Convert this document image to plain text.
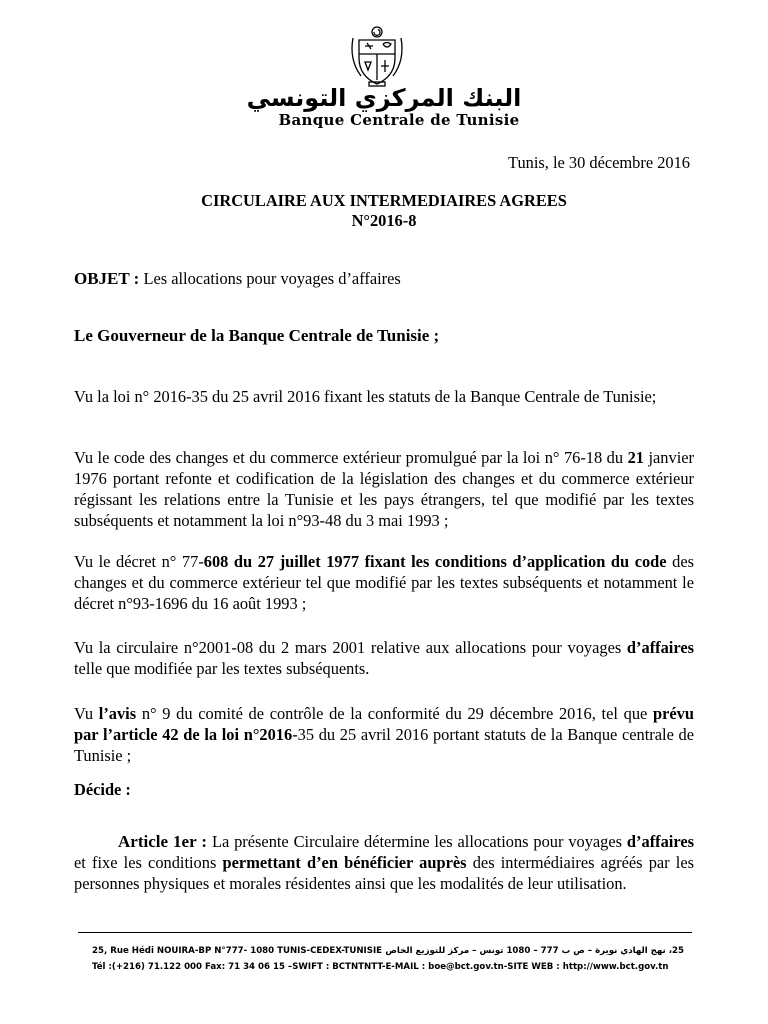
البنك المركزي التونسي
Banque Centrale de Tunisie
Tunis, le 30 décembre 2016
CIRCULAIRE AUX INTERMEDIAIRES AGREES
N°2016-8
OBJET : Les allocations pour voyages d’affaires
Le Gouverneur de la Banque Centrale de Tunisie ;
Vu la loi n° 2016-35 du 25 avril 2016 fixant les statuts de la Banque Centrale de Tunisie;
Vu le code des changes et du commerce extérieur promulgué par la loi n° 76-18 du 21 janvier 1976 portant refonte et codification de la législation des changes et du commerce extérieur régissant les relations entre la Tunisie et les pays étrangers, tel que modifié par les textes subséquents et notamment la loi n°93-48 du 3 mai 1993 ;
Vu le décret n° 77-608 du 27 juillet 1977 fixant les conditions d’application du code des changes et du commerce extérieur tel que modifié par les textes subséquents et notamment le décret n°93-1696 du 16 août 1993 ;
Vu la circulaire n°2001-08 du 2 mars 2001 relative aux allocations pour voyages d’affaires telle que modifiée par les textes subséquents.
Vu l’avis n° 9 du comité de contrôle de la conformité du 29 décembre 2016, tel que prévu par l’article 42 de la loi n°2016-35 du 25 avril 2016 portant statuts de la Banque centrale de Tunisie ;
Décide :
Article 1er : La présente Circulaire détermine les allocations pour voyages d’affaires et fixe les conditions permettant d’en bénéficier auprès des intermédiaires agréés par les personnes physiques et morales résidentes ainsi que les modalités de leur utilisation.
25, Rue Hédi NOUIRA-BP N°777- 1080 TUNIS-CEDEX-TUNISIE 25، نهج الهادي نويرة – ص ب 777 – 1080 تونس – مركز للتوزيع الخاص
Tél :(+216) 71.122 000 Fax: 71 34 06 15 –SWIFT : BCTNTNTT-E-MAIL : boe@bct.gov.tn-SITE WEB : http://www.bct.gov.tn
